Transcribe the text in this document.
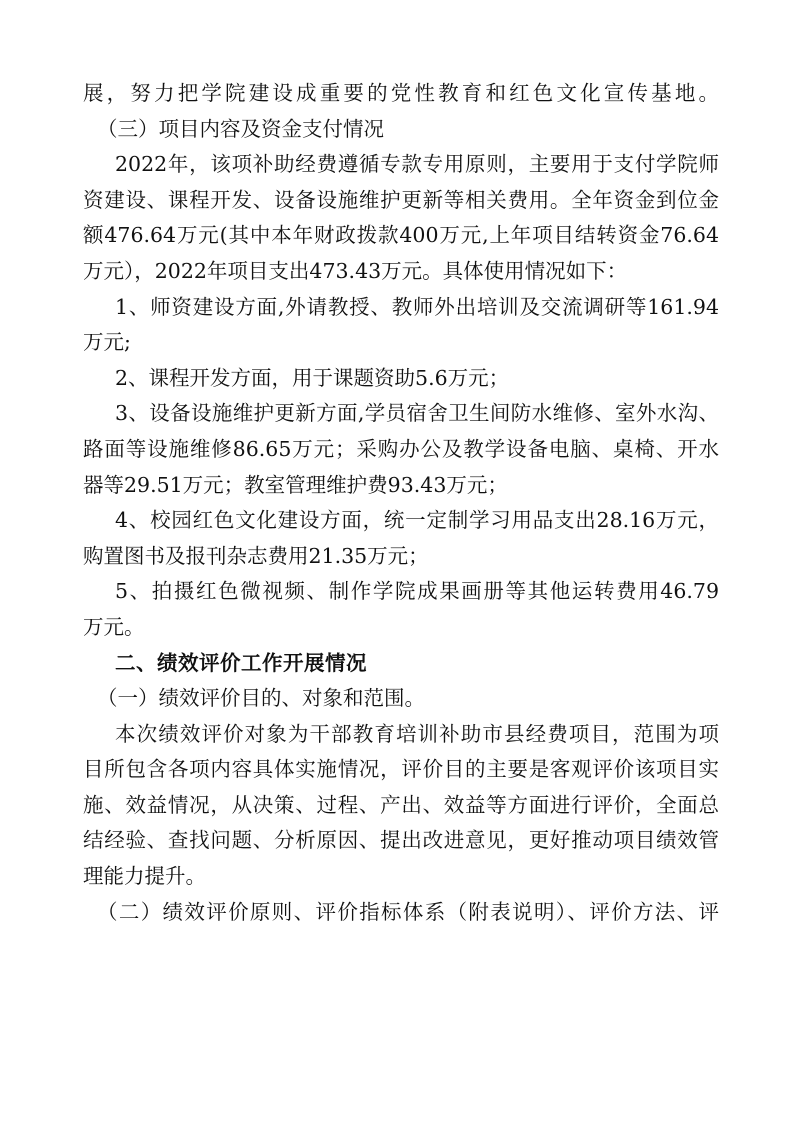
展，努力把学院建设成重要的党性教育和红色文化宣传基地。
（三）项目内容及资金支付情况
2022年，该项补助经费遵循专款专用原则，主要用于支付学院师
资建设、课程开发、设备设施维护更新等相关费用。全年资金到位金
额476.64万元(其中本年财政拨款400万元,上年项目结转资金76.64
万元），2022年项目支出473.43万元。具体使用情况如下：
1、师资建设方面,外请教授、教师外出培训及交流调研等161.94
万元;
2、课程开发方面，用于课题资助5.6万元；
3、设备设施维护更新方面,学员宿舍卫生间防水维修、室外水沟、
路面等设施维修86.65万元；采购办公及教学设备电脑、桌椅、开水
器等29.51万元；教室管理维护费93.43万元；
4、校园红色文化建设方面，统一定制学习用品支出28.16万元，
购置图书及报刊杂志费用21.35万元；
5、拍摄红色微视频、制作学院成果画册等其他运转费用46.79
万元。
二、绩效评价工作开展情况
（一）绩效评价目的、对象和范围。
本次绩效评价对象为干部教育培训补助市县经费项目，范围为项
目所包含各项内容具体实施情况，评价目的主要是客观评价该项目实
施、效益情况，从决策、过程、产出、效益等方面进行评价，全面总
结经验、查找问题、分析原因、提出改进意见，更好推动项目绩效管
理能力提升。
（二）绩效评价原则、评价指标体系（附表说明）、评价方法、评
